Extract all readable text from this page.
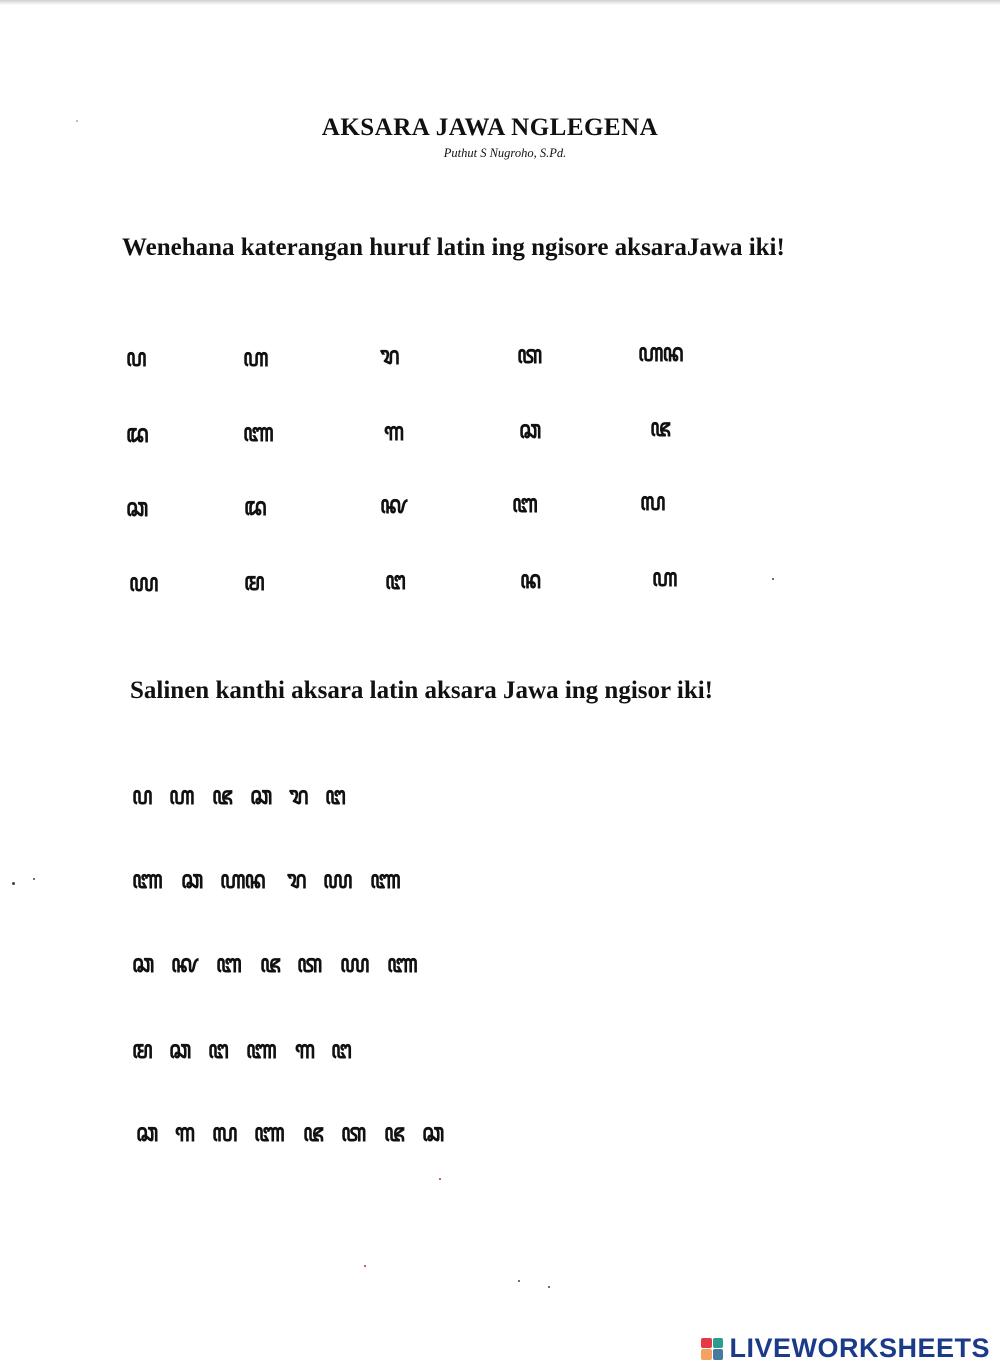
AKSARA JAWA NGLEGENA
Puthut S Nugroho, S.Pd.
Wenehana katerangan huruf latin ing ngisore aksaraJawa iki!
ꦥ	ꦲ	ꦫ	ꦠ	ꦲꦤ
ꦢ	ꦚ	ꦒ	ꦕ	ꦗ
ꦕ	ꦢ	ꦑ	ꦧ	ꦭ
ꦪ	ꦩ	ꦔ	ꦤ	ꦲ
Salinen kanthi aksara latin aksara Jawa ing ngisor iki!
ꦥ ꦲ ꦗ ꦕ ꦫ ꦔ
ꦚ ꦕ ꦲꦤ ꦫ ꦪ ꦚ
ꦕ ꦑ ꦧ ꦗ ꦠ ꦪ ꦚ
ꦩ ꦕ ꦔ ꦚ ꦒ ꦔ
ꦕ ꦒ ꦭ ꦚ ꦗ ꦠ ꦗ ꦕ
LIVEWORKSHEETS
